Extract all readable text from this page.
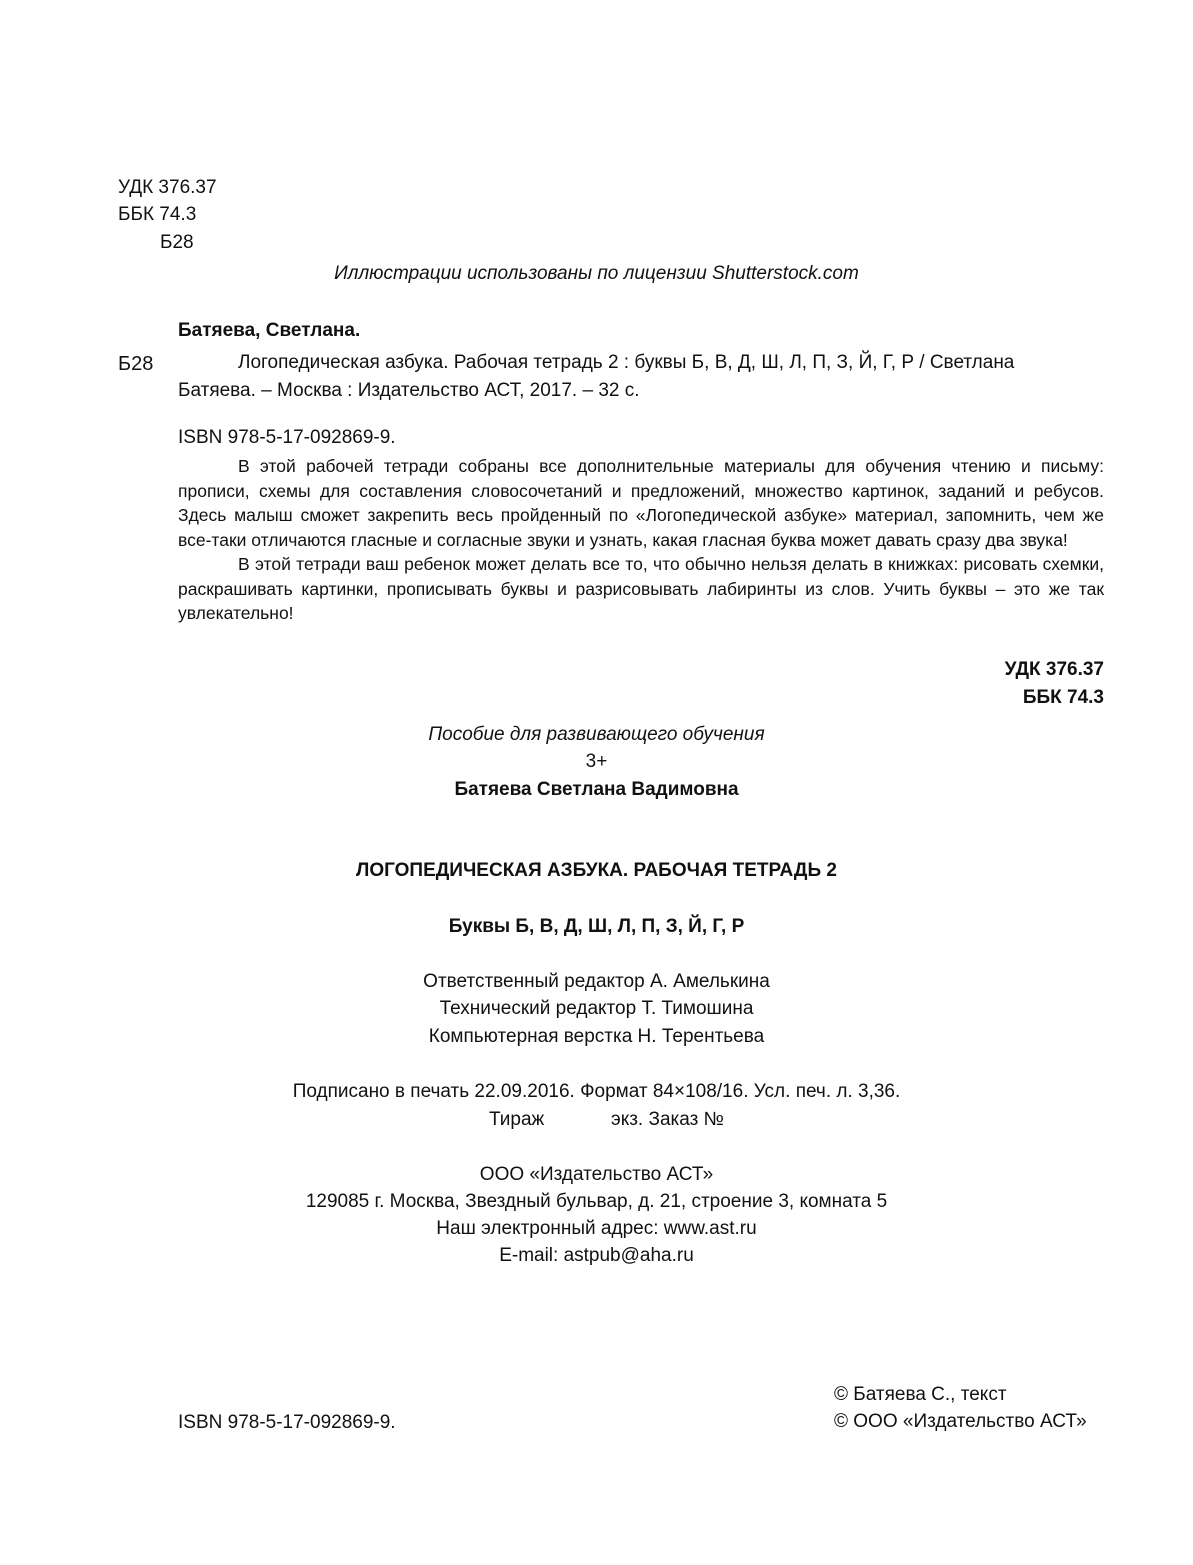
УДК 376.37
ББК 74.3
Б28
Иллюстрации использованы по лицензии Shutterstock.com
Батяева, Светлана.
Б28	Логопедическая азбука. Рабочая тетрадь 2 : буквы Б, В, Д, Ш, Л, П, З, Й, Г, Р / Светлана
Батяева. – Москва : Издательство АСТ, 2017. – 32 с.
ISBN 978-5-17-092869-9.

В этой рабочей тетради собраны все дополнительные материалы для обучения чтению и письму: прописи, схемы для составления словосочетаний и предложений, множество картинок, заданий и ребусов. Здесь малыш сможет закрепить весь пройденный по «Логопедической азбуке» материал, запомнить, чем же все-таки отличаются гласные и согласные звуки и узнать, какая гласная буква может давать сразу два звука!

В этой тетради ваш ребенок может делать все то, что обычно нельзя делать в книжках: рисовать схемки, раскрашивать картинки, прописывать буквы и разрисовывать лабиринты из слов. Учить буквы – это же так увлекательно!

УДК 376.37
ББК 74.3
Пособие для развивающего обучения
3+
Батяева Светлана Вадимовна
ЛОГОПЕДИЧЕСКАЯ АЗБУКА. РАБОЧАЯ ТЕТРАДЬ 2
Буквы Б, В, Д, Ш, Л, П, З, Й, Г, Р
Ответственный редактор А. Амелькина
Технический редактор Т. Тимошина
Компьютерная верстка Н. Терентьева
Подписано в печать 22.09.2016. Формат 84×108/16. Усл. печ. л. 3,36.
Тираж	экз. Заказ №
ООО «Издательство АСТ»
129085 г. Москва, Звездный бульвар, д. 21, строение 3, комната 5
Наш электронный адрес: www.ast.ru
E-mail: astpub@aha.ru
© Батяева С., текст
ISBN 978-5-17-092869-9.	© ООО «Издательство АСТ»
